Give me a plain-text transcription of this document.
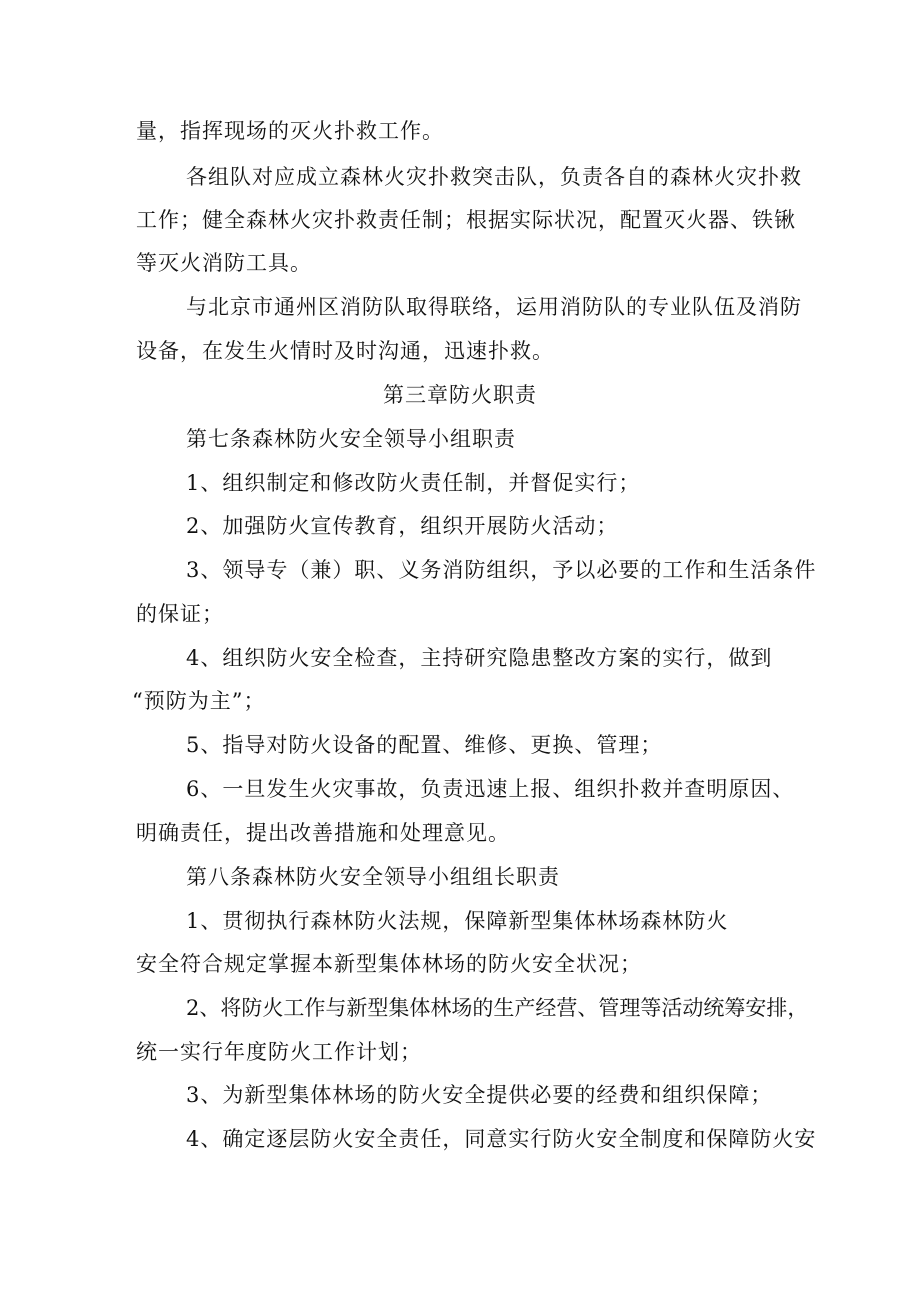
量，指挥现场的灭火扑救工作。
各组队对应成立森林火灾扑救突击队，负责各自的森林火灾扑救
工作；健全森林火灾扑救责任制；根据实际状况，配置灭火器、铁锹
等灭火消防工具。
与北京市通州区消防队取得联络，运用消防队的专业队伍及消防
设备，在发生火情时及时沟通，迅速扑救。
第三章防火职责
第七条森林防火安全领导小组职责
1、组织制定和修改防火责任制，并督促实行；
2、加强防火宣传教育，组织开展防火活动；
3、领导专（兼）职、义务消防组织，予以必要的工作和生活条件
的保证；
4、组织防火安全检查，主持研究隐患整改方案的实行，做到
“预防为主”；
5、指导对防火设备的配置、维修、更换、管理；
6、一旦发生火灾事故，负责迅速上报、组织扑救并查明原因、
明确责任，提出改善措施和处理意见。
第八条森林防火安全领导小组组长职责
1、贯彻执行森林防火法规，保障新型集体林场森林防火
安全符合规定掌握本新型集体林场的防火安全状况；
2、将防火工作与新型集体林场的生产经营、管理等活动统筹安排，
统一实行年度防火工作计划；
3、为新型集体林场的防火安全提供必要的经费和组织保障；
4、确定逐层防火安全责任，同意实行防火安全制度和保障防火安
